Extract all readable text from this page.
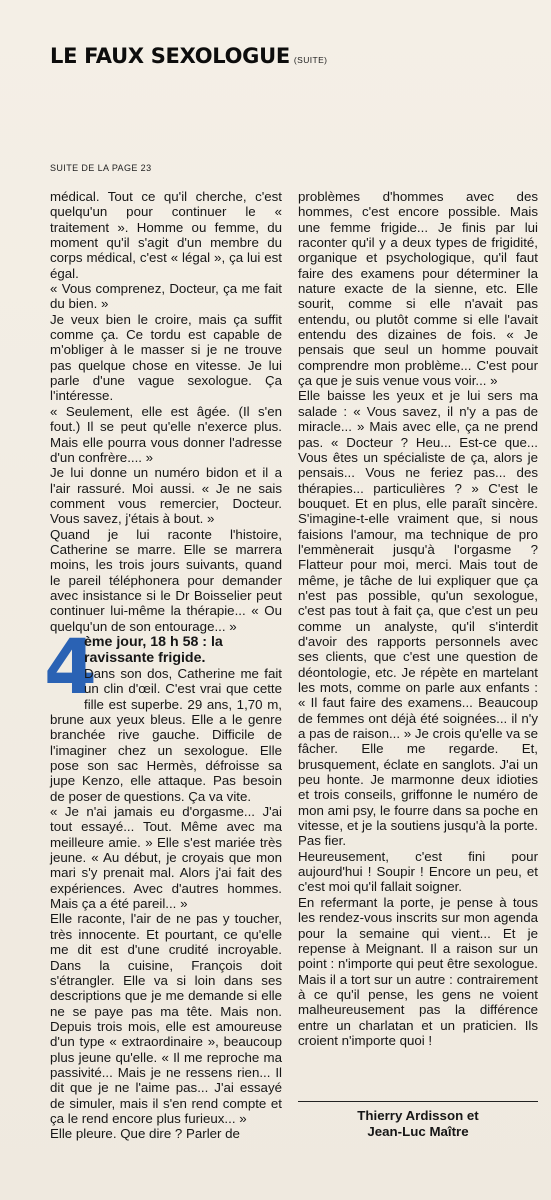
LE FAUX SEXOLOGUE (SUITE)
SUITE DE LA PAGE 23

médical. Tout ce qu'il cherche, c'est quelqu'un pour continuer le « traitement ». Homme ou femme, du moment qu'il s'agit d'un membre du corps médical, c'est « légal », ça lui est égal.

« Vous comprenez, Docteur, ça me fait du bien. »

Je veux bien le croire, mais ça suffit comme ça. Ce tordu est capable de m'obliger à le masser si je ne trouve pas quelque chose en vitesse. Je lui parle d'une vague sexologue. Ça l'intéresse.

« Seulement, elle est âgée. (Il s'en fout.) Il se peut qu'elle n'exerce plus. Mais elle pourra vous donner l'adresse d'un confrère.... »

Je lui donne un numéro bidon et il a l'air rassuré. Moi aussi. « Je ne sais comment vous remercier, Docteur. Vous savez, j'étais à bout. »

Quand je lui raconte l'histoire, Catherine se marre. Elle se marrera moins, les trois jours suivants, quand le pareil téléphonera pour demander avec insistance si le Dr Boisselier peut continuer lui-même la thérapie... « Ou quelqu'un de son entourage... »

4

ème jour, 18 h 58 : la ravissante frigide.

Dans son dos, Catherine me fait un clin d'œil. C'est vrai que cette fille est superbe. 29 ans, 1,70 m, brune aux yeux bleus. Elle a le genre branchée rive gauche. Difficile de l'imaginer chez un sexologue. Elle pose son sac Hermès, défroisse sa jupe Kenzo, elle attaque. Pas besoin de poser de questions. Ça va vite.

« Je n'ai jamais eu d'orgasme... J'ai tout essayé... Tout. Même avec ma meilleure amie. » Elle s'est mariée très jeune. « Au début, je croyais que mon mari s'y prenait mal. Alors j'ai fait des expériences. Avec d'autres hommes. Mais ça a été pareil... »

Elle raconte, l'air de ne pas y toucher, très innocente. Et pourtant, ce qu'elle me dit est d'une crudité incroyable. Dans la cuisine, François doit s'étrangler. Elle va si loin dans ses descriptions que je me demande si elle ne se paye pas ma tête. Mais non. Depuis trois mois, elle est amoureuse d'un type « extraordinaire », beaucoup plus jeune qu'elle. « Il me reproche ma passivité... Mais je ne ressens rien... Il dit que je ne l'aime pas... J'ai essayé de simuler, mais il s'en rend compte et ça le rend encore plus furieux... »

Elle pleure. Que dire ? Parler de

problèmes d'hommes avec des hommes, c'est encore possible. Mais une femme frigide... Je finis par lui raconter qu'il y a deux types de frigidité, organique et psychologique, qu'il faut faire des examens pour déterminer la nature exacte de la sienne, etc. Elle sourit, comme si elle n'avait pas entendu, ou plutôt comme si elle l'avait entendu des dizaines de fois. « Je pensais que seul un homme pouvait comprendre mon problème... C'est pour ça que je suis venue vous voir... »

Elle baisse les yeux et je lui sers ma salade : « Vous savez, il n'y a pas de miracle... » Mais avec elle, ça ne prend pas. « Docteur ? Heu... Est-ce que... Vous êtes un spécialiste de ça, alors je pensais... Vous ne feriez pas... des thérapies... particulières ? » C'est le bouquet. Et en plus, elle paraît sincère. S'imagine-t-elle vraiment que, si nous faisions l'amour, ma technique de pro l'emmènerait jusqu'à l'orgasme ? Flatteur pour moi, merci. Mais tout de même, je tâche de lui expliquer que ça n'est pas possible, qu'un sexologue, c'est pas tout à fait ça, que c'est un peu comme un analyste, qu'il s'interdit d'avoir des rapports personnels avec ses clients, que c'est une question de déontologie, etc. Je répète en martelant les mots, comme on parle aux enfants : « Il faut faire des examens... Beaucoup de femmes ont déjà été soignées... il n'y a pas de raison... » Je crois qu'elle va se fâcher. Elle me regarde. Et, brusquement, éclate en sanglots. J'ai un peu honte. Je marmonne deux idioties et trois conseils, griffonne le numéro de mon ami psy, le fourre dans sa poche en vitesse, et je la soutiens jusqu'à la porte. Pas fier.

Heureusement, c'est fini pour aujourd'hui ! Soupir ! Encore un peu, et c'est moi qu'il fallait soigner.

En refermant la porte, je pense à tous les rendez-vous inscrits sur mon agenda pour la semaine qui vient... Et je repense à Meignant. Il a raison sur un point : n'importe qui peut être sexologue. Mais il a tort sur un autre : contrairement à ce qu'il pense, les gens ne voient malheureusement pas la différence entre un charlatan et un praticien. Ils croient n'importe quoi !

Thierry Ardisson et
Jean-Luc Maître
